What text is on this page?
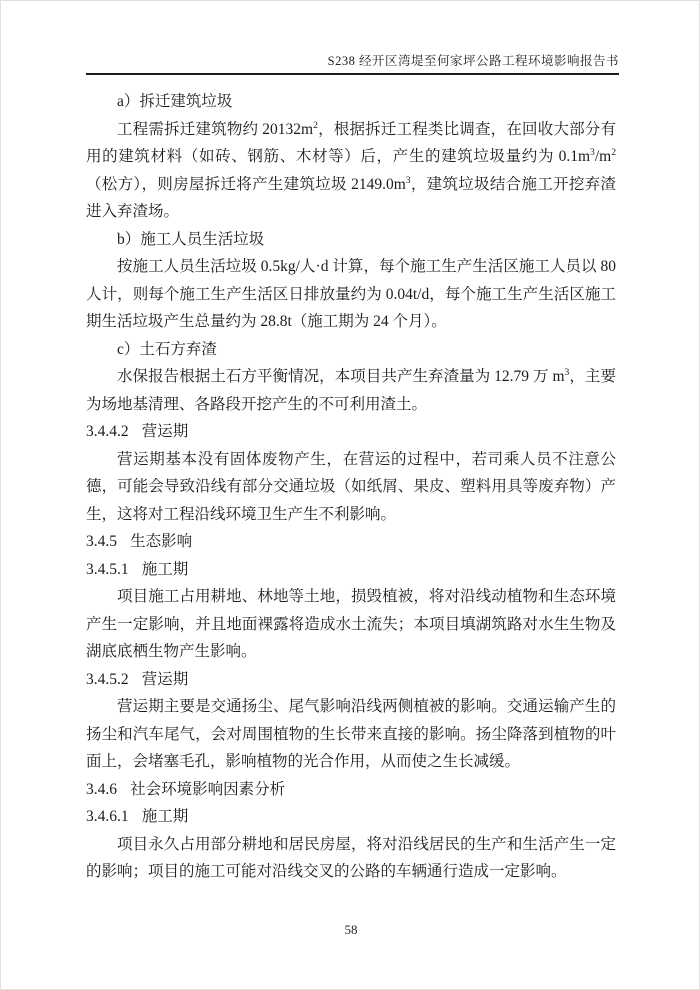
S238 经开区湾堤至何家坪公路工程环境影响报告书

a）拆迁建筑垃圾

工程需拆迁建筑物约 $20132m^2$，根据拆迁工程类比调查，在回收大部分有用的建筑材料（如砖、钢筋、木材等）后，产生的建筑垃圾量约为 $0.1m^3/m^2$（松方），则房屋拆迁将产生建筑垃圾 $2149.0m^3$，建筑垃圾结合施工开挖弃渣进入弃渣场。

b）施工人员生活垃圾

按施工人员生活垃圾 0.5kg/人·d 计算，每个施工生产生活区施工人员以 80 人计，则每个施工生产生活区日排放量约为 0.04t/d，每个施工生产生活区施工期生活垃圾产生总量约为 28.8t（施工期为 24 个月）。

c）土石方弃渣

水保报告根据土石方平衡情况，本项目共产生弃渣量为 12.79 万 $m^3$，主要为场地基清理、各路段开挖产生的不可利用渣土。

3.4.4.2 营运期

营运期基本没有固体废物产生，在营运的过程中，若司乘人员不注意公德，可能会导致沿线有部分交通垃圾（如纸屑、果皮、塑料用具等废弃物）产生，这将对工程沿线环境卫生产生不利影响。

3.4.5 生态影响

3.4.5.1 施工期

项目施工占用耕地、林地等土地，损毁植被，将对沿线动植物和生态环境产生一定影响，并且地面裸露将造成水土流失；本项目填湖筑路对水生生物及湖底底栖生物产生影响。

3.4.5.2 营运期

营运期主要是交通扬尘、尾气影响沿线两侧植被的影响。交通运输产生的扬尘和汽车尾气，会对周围植物的生长带来直接的影响。扬尘降落到植物的叶面上，会堵塞毛孔，影响植物的光合作用，从而使之生长减缓。

3.4.6 社会环境影响因素分析

3.4.6.1 施工期

项目永久占用部分耕地和居民房屋，将对沿线居民的生产和生活产生一定的影响；项目的施工可能对沿线交叉的公路的车辆通行造成一定影响。

58
